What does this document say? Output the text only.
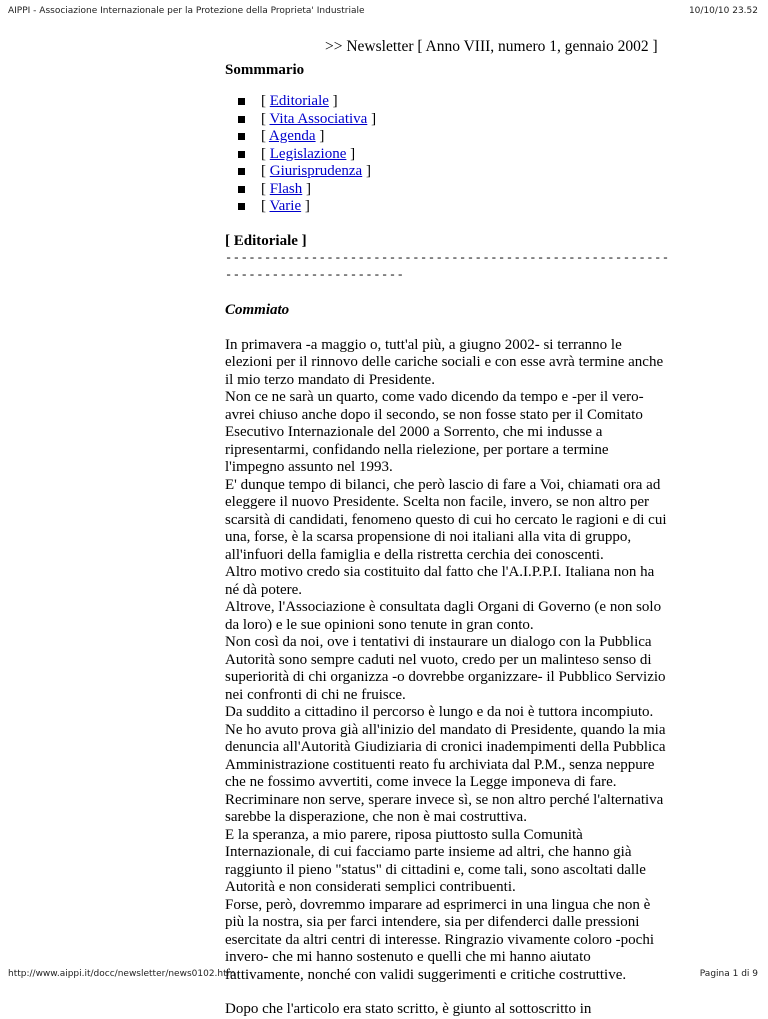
AIPPI - Associazione Internazionale per la Protezione della Proprieta' Industriale	10/10/10 23.52
>> Newsletter [ Anno VIII, numero 1, gennaio 2002 ]
Sommmario
[ Editoriale ]
[ Vita Associativa ]
[ Agenda ]
[ Legislazione ]
[ Giurisprudenza ]
[ Flash ]
[ Varie ]
[ Editoriale ]
--------------------------------------------------------------------------------
Commiato

In primavera -a maggio o, tutt'al più, a giugno 2002- si terranno le elezioni per il rinnovo delle cariche sociali e con esse avrà termine anche il mio terzo mandato di Presidente.

Non ce ne sarà un quarto, come vado dicendo da tempo e -per il vero- avrei chiuso anche dopo il secondo, se non fosse stato per il Comitato Esecutivo Internazionale del 2000 a Sorrento, che mi indusse a ripresentarmi, confidando nella rielezione, per portare a termine l'impegno assunto nel 1993.

E' dunque tempo di bilanci, che però lascio di fare a Voi, chiamati ora ad eleggere il nuovo Presidente. Scelta non facile, invero, se non altro per scarsità di candidati, fenomeno questo di cui ho cercato le ragioni e di cui una, forse, è la scarsa propensione di noi italiani alla vita di gruppo, all'infuori della famiglia e della ristretta cerchia dei conoscenti.

Altro motivo credo sia costituito dal fatto che l'A.I.P.P.I. Italiana non ha né dà potere.

Altrove, l'Associazione è consultata dagli Organi di Governo (e non solo da loro) e le sue opinioni sono tenute in gran conto.

Non così da noi, ove i tentativi di instaurare un dialogo con la Pubblica Autorità sono sempre caduti nel vuoto, credo per un malinteso senso di superiorità di chi organizza -o dovrebbe organizzare- il Pubblico Servizio nei confronti di chi ne fruisce.

Da suddito a cittadino il percorso è lungo e da noi è tuttora incompiuto. Ne ho avuto prova già all'inizio del mandato di Presidente, quando la mia denuncia all'Autorità Giudiziaria di cronici inadempimenti della Pubblica Amministrazione costituenti reato fu archiviata dal P.M., senza neppure che ne fossimo avvertiti, come invece la Legge imponeva di fare.

Recriminare non serve, sperare invece sì, se non altro perché l'alternativa sarebbe la disperazione, che non è mai costruttiva.

E la speranza, a mio parere, riposa piuttosto sulla Comunità Internazionale, di cui facciamo parte insieme ad altri, che hanno già raggiunto il pieno "status" di cittadini e, come tali, sono ascoltati dalle Autorità e non considerati semplici contribuenti.

Forse, però, dovremmo imparare ad esprimerci in una lingua che non è più la nostra, sia per farci intendere, sia per difenderci dalle pressioni esercitate da altri centri di interesse. Ringrazio vivamente coloro -pochi invero- che mi hanno sostenuto e quelli che mi hanno aiutato fattivamente, nonché con validi suggerimenti e critiche costruttive.

Dopo che l'articolo era stato scritto, è giunto al sottoscritto in
http://www.aippi.it/docc/newsletter/news0102.htm	Pagina 1 di 9
